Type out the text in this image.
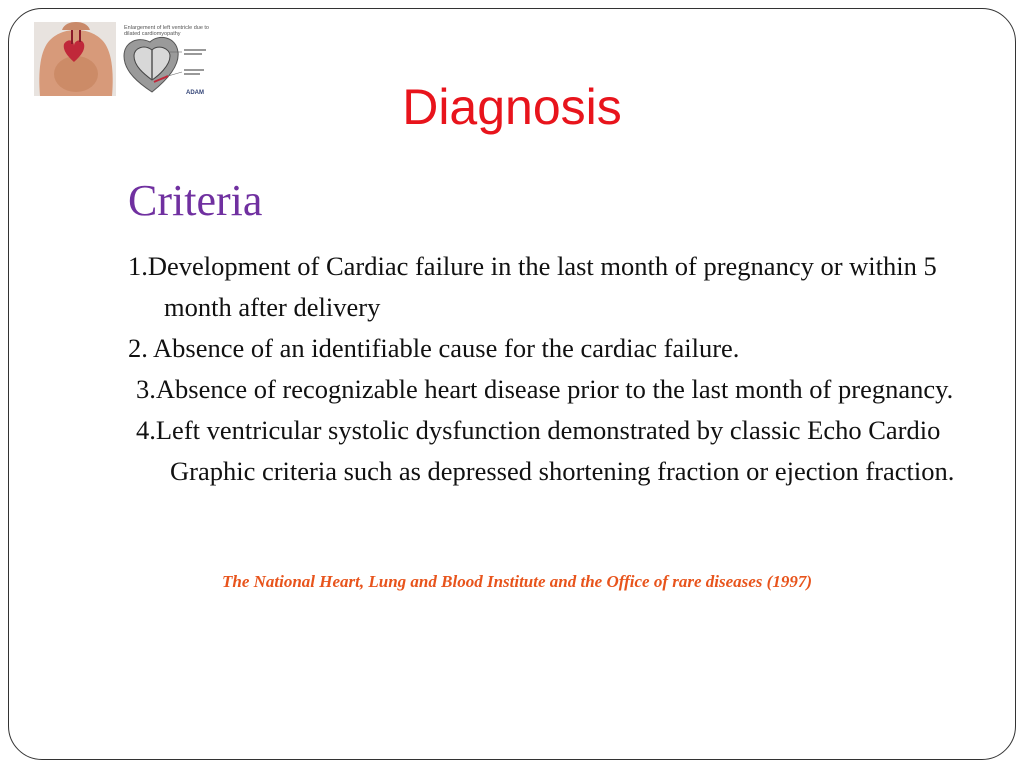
Enlargement of left ventricle due to dilated cardiomyopathy
ADAM	Diagnosis
Criteria
1.Development of Cardiac failure in the last month of pregnancy or within 5 month after delivery
2. Absence of an identifiable cause for the cardiac failure.
3.Absence of recognizable heart disease prior to the last month of pregnancy.
4.Left ventricular systolic dysfunction demonstrated by classic Echo Cardio Graphic criteria such as depressed shortening fraction or ejection fraction.
The National Heart, Lung and Blood Institute and the Office of rare diseases (1997)
